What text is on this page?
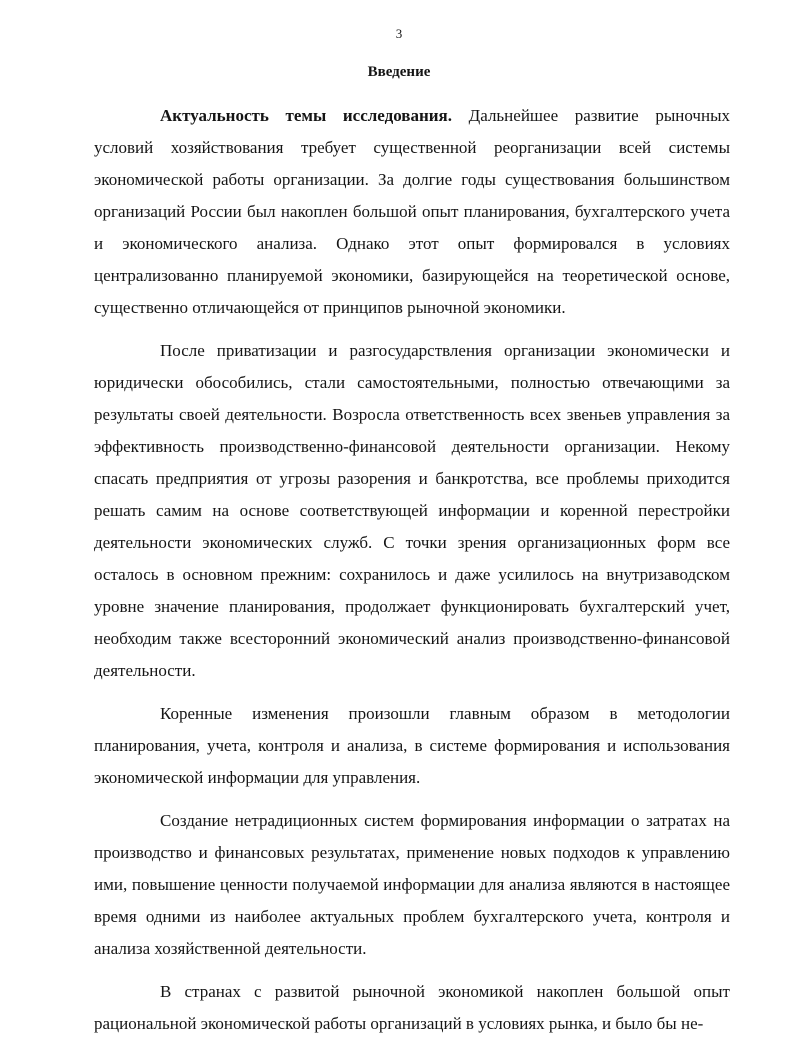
3
Введение

Актуальность темы исследования. Дальнейшее развитие рыночных условий хозяйствования требует существенной реорганизации всей системы экономической работы организации. За долгие годы существования большинством организаций России был накоплен большой опыт планирования, бухгалтерского учета и экономического анализа. Однако этот опыт формировался в условиях централизованно планируемой экономики, базирующейся на теоретической основе, существенно отличающейся от принципов рыночной экономики.

После приватизации и разгосударствления организации экономически и юридически обособились, стали самостоятельными, полностью отвечающими за результаты своей деятельности. Возросла ответственность всех звеньев управления за эффективность производственно-финансовой деятельности организации. Некому спасать предприятия от угрозы разорения и банкротства, все проблемы приходится решать самим на основе соответствующей информации и коренной перестройки деятельности экономических служб. С точки зрения организационных форм все осталось в основном прежним: сохранилось и даже усилилось на внутризаводском уровне значение планирования, продолжает функционировать бухгалтерский учет, необходим также всесторонний экономический анализ производственно-финансовой деятельности.

Коренные изменения произошли главным образом в методологии планирования, учета, контроля и анализа, в системе формирования и использования экономической информации для управления.

Создание нетрадиционных систем формирования информации о затратах на производство и финансовых результатах, применение новых подходов к управлению ими, повышение ценности получаемой информации для анализа являются в настоящее время одними из наиболее актуальных проблем бухгалтерского учета, контроля и анализа хозяйственной деятельности.

В странах с развитой рыночной экономикой накоплен большой опыт рациональной экономической работы организаций в условиях рынка, и было бы не-
